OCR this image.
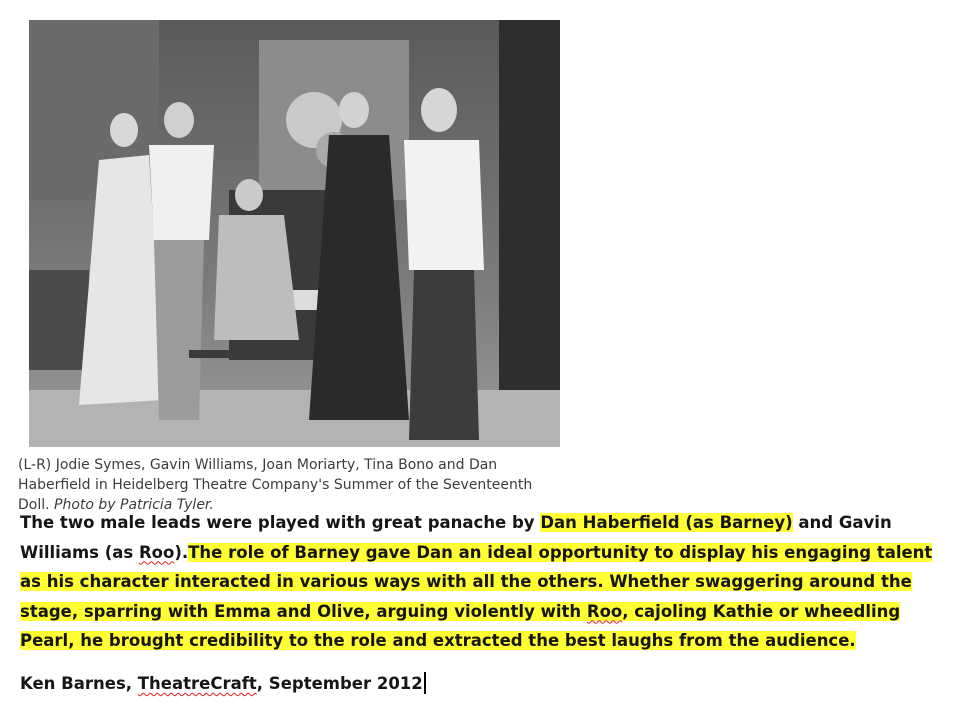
(L-R) Jodie Symes, Gavin Williams, Joan Moriarty, Tina Bono and Dan Haberfield in Heidelberg Theatre Company's Summer of the Seventeenth Doll. Photo by Patricia Tyler.

The two male leads were played with great panache by Dan Haberfield (as Barney) and Gavin Williams (as Roo).The role of Barney gave Dan an ideal opportunity to display his engaging talent as his character interacted in various ways with all the others. Whether swaggering around the stage, sparring with Emma and Olive, arguing violently with Roo, cajoling Kathie or wheedling Pearl, he brought credibility to the role and extracted the best laughs from the audience.

Ken Barnes, TheatreCraft, September 2012
